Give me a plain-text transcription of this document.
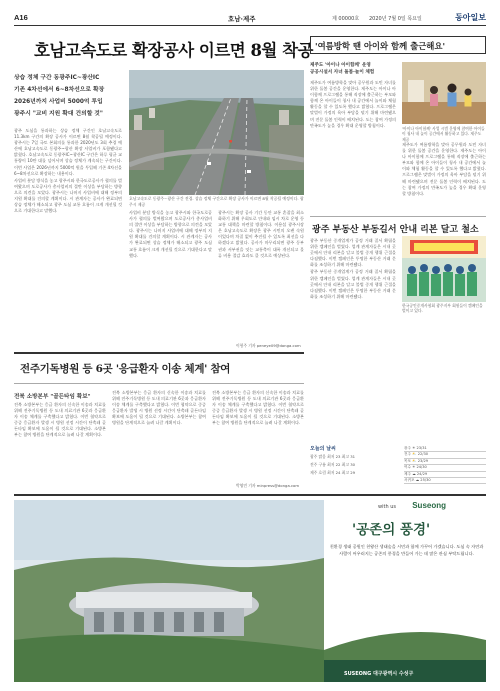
A16	호남·제주	제 00000호 2020년 7월 0일 목요일	동아일보
호남고속도로 확장공사 이르면 8월 착공
상습 정체 구간 동광주IC~광산IC
기존 4차선에서 6~8차선으로 확장
2026년까지 사업비 5000억 투입
광주시 "교비 지원 확대 건의할 것"
광주 도심을 통과하는 상습 정체 구간인 호남고속도로 11.3km 구간의 확장 공사가 이르면 8월 착공될 예정이다. 광주시는 7일 국토 본회의를 통과한 2020년도 3회 추경 예산에 호남고속도로 동광주~광산 확장 사업비가 포함됐다고 밝혔다. 호남고속도로 동광주IC~광산IC 구간은 하루 평균 교통량이 10만 대를 넘어서며 상습 정체가 계속되는 구간이다. 이번 사업은 2026년까지 5000억 원을 투입해 기존 4차선을 6~8차선으로 확장하는 내용이다.
사업비 분담 방식을 놓고 광주시와 한국도로공사가 협의를 벌여왔으며 도로공사가 총사업비의 절반 이상을 부담하는 방향으로 의견을 모았다. 광주시는 나머지 사업비에 대해 정부의 지원 확대를 건의할 계획이다. 시 관계자는 공사가 완료되면 상습 정체가 해소되고 광주 도심 교통 흐름이 크게 개선될 것으로 기대한다고 말했다.
호남고속도로 동광주~광산 구간 전경. 상습 정체 구간으로 확장 공사가 이르면 8월 착공될 예정이다. 광주시 제공
사업비 분담 방식을 놓고 광주시와 한국도로공사가 협의를 벌여왔으며 도로공사가 총사업비의 절반 이상을 부담하는 방향으로 의견을 모았다. 광주시는 나머지 사업비에 대해 정부의 지원 확대를 건의할 계획이다. 시 관계자는 공사가 완료되면 상습 정체가 해소되고 광주 도심 교통 흐름이 크게 개선될 것으로 기대한다고 말했다.
광주시는 확장 공사 기간 동안 교통 혼잡을 최소화하기 위해 우회도로 안내와 임시 차로 운영 등 교통 대책을 마련할 방침이다. 이용섭 광주시장은 호남고속도로 확장은 광주 시민의 오랜 숙원이었다며 차질 없이 추진될 수 있도록 최선을 다하겠다고 밝혔다. 공사가 마무리되면 광주 동부권과 서부권을 잇는 교통축이 대폭 개선되고 물류 비용 절감 효과도 클 것으로 예상된다.
이형주 기자 peneye09@donga.com
'여름방학 땐 아이와 함께 출근해요'
제주도 '아이나 아이함께' 운영
공공시설서 자녀 돌봄·놀이 체험
제주도가 여름방학을 맞아 공무원과 도민 자녀를 위한 돌봄 공간을 운영한다. 제주도는 아이나 아이함께 프로그램을 통해 직장에 출근하는 부모와 함께 온 아이들이 청사 내 공간에서 놀이와 체험 활동을 할 수 있도록 했다고 밝혔다. 프로그램은 맞벌이 가정의 육아 부담을 덜기 위해 마련됐으며 전문 돌봄 인력이 배치된다. 도는 참여 가정의 만족도가 높을 경우 확대 운영할 방침이다.
'아이나 아이함께' 사업 시범 운영에 참여한 아이들이 청사 내 놀이 공간에서 활동하고 있다. 제주도 제공
제주도가 여름방학을 맞아 공무원과 도민 자녀를 위한 돌봄 공간을 운영한다. 제주도는 아이나 아이함께 프로그램을 통해 직장에 출근하는 부모와 함께 온 아이들이 청사 내 공간에서 놀이와 체험 활동을 할 수 있도록 했다고 밝혔다. 프로그램은 맞벌이 가정의 육아 부담을 덜기 위해 마련됐으며 전문 돌봄 인력이 배치된다. 도는 참여 가정의 만족도가 높을 경우 확대 운영할 방침이다.
광주 부동산 부동길서 안내 리본 달고 철소
광주 부동산 중개업계가 공정 거래 질서 확립을 위한 캠페인을 벌였다. 업계 관계자들은 시내 곳곳에서 안내 리본을 달고 불법 중개 행위 근절을 다짐했다. 이번 캠페인은 투명한 부동산 거래 문화를 조성하기 위해 마련됐다.
광주 부동산 중개업계가 공정 거래 질서 확립을 위한 캠페인을 벌였다. 업계 관계자들은 시내 곳곳에서 안내 리본을 달고 불법 중개 행위 근절을 다짐했다. 이번 캠페인은 투명한 부동산 거래 문화를 조성하기 위해 마련됐다.
한국공인중개사협회 광주지부 회원들이 캠페인을 벌이고 있다.
전주기독병원 등 6곳 '응급환자 이송 체계' 참여
전북 소방본부 "골든타임 확보"
전북 소방본부는 응급 환자의 신속한 이송과 치료를 위해 전주기독병원 등 도내 의료기관 6곳과 응급환자 이송 체계를 구축했다고 밝혔다. 이번 협약으로 중증 응급환자 발생 시 병원 선정 시간이 단축돼 골든타임 확보에 도움이 될 것으로 기대된다. 소방본부는 참여 병원을 단계적으로 늘려 나갈 계획이다.
전북 소방본부는 응급 환자의 신속한 이송과 치료를 위해 전주기독병원 등 도내 의료기관 6곳과 응급환자 이송 체계를 구축했다고 밝혔다. 이번 협약으로 중증 응급환자 발생 시 병원 선정 시간이 단축돼 골든타임 확보에 도움이 될 것으로 기대된다. 소방본부는 참여 병원을 단계적으로 늘려 나갈 계획이다.
전북 소방본부는 응급 환자의 신속한 이송과 치료를 위해 전주기독병원 등 도내 의료기관 6곳과 응급환자 이송 체계를 구축했다고 밝혔다. 이번 협약으로 중증 응급환자 발생 시 병원 선정 시간이 단축돼 골든타임 확보에 도움이 될 것으로 기대된다. 소방본부는 참여 병원을 단계적으로 늘려 나갈 계획이다.
박영민 기자 minpress@donga.com
오늘의 날씨
광주 맑음 최저 23 최고 31
전주 구름 최저 22 최고 30
제주 흐림 최저 24 최고 29
광주 ☀ 23/31
전주 ⛅ 22/30
목포 ⛅ 23/29
여수 ☀ 24/30
제주 ☁ 24/29
서귀포 ☁ 25/30
with us Suseong
'공존의 풍경'
친환경 생태 공원인 천왕산 생태숲을 시민과 함께 가꾸어 가겠습니다. 도심 속 자연과 사람이 어우러지는 공존의 풍경을 만들어 가는 데 많은 관심 부탁드립니다.
SUSEONG 대구광역시 수성구
